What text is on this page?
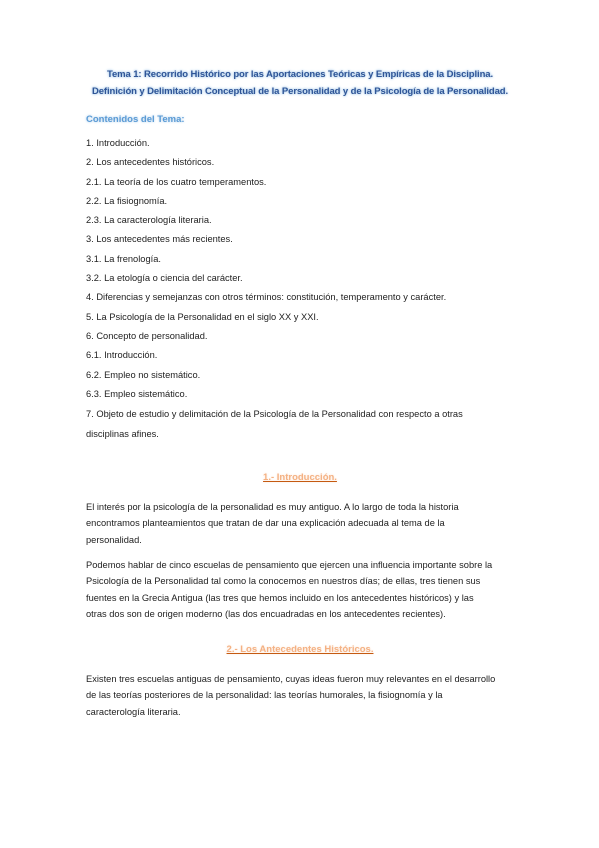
Tema 1: Recorrido Histórico por las Aportaciones Teóricas y Empíricas de la Disciplina.
Definición y Delimitación Conceptual de la Personalidad y de la Psicología de la Personalidad.
Contenidos del Tema:
1. Introducción.
2. Los antecedentes históricos.
2.1. La teoría de los cuatro temperamentos.
2.2. La fisiognomía.
2.3. La caracterología literaria.
3. Los antecedentes más recientes.
3.1. La frenología.
3.2. La etología o ciencia del carácter.
4. Diferencias y semejanzas con otros términos: constitución, temperamento y carácter.
5. La Psicología de la Personalidad en el siglo XX y XXI.
6. Concepto de personalidad.
6.1. Introducción.
6.2. Empleo no sistemático.
6.3. Empleo sistemático.
7. Objeto de estudio y delimitación de la Psicología de la Personalidad con respecto a otras disciplinas afines.
1.- Introducción.

El interés por la psicología de la personalidad es muy antiguo. A lo largo de toda la historia encontramos planteamientos que tratan de dar una explicación adecuada al tema de la personalidad.

Podemos hablar de cinco escuelas de pensamiento que ejercen una influencia importante sobre la Psicología de la Personalidad tal como la conocemos en nuestros días; de ellas, tres tienen sus fuentes en la Grecia Antigua (las tres que hemos incluido en los antecedentes históricos) y las otras dos son de origen moderno (las dos encuadradas en los antecedentes recientes).

2.- Los Antecedentes Históricos.

Existen tres escuelas antiguas de pensamiento, cuyas ideas fueron muy relevantes en el desarrollo de las teorías posteriores de la personalidad: las teorías humorales, la fisiognomía y la caracterología literaria.
